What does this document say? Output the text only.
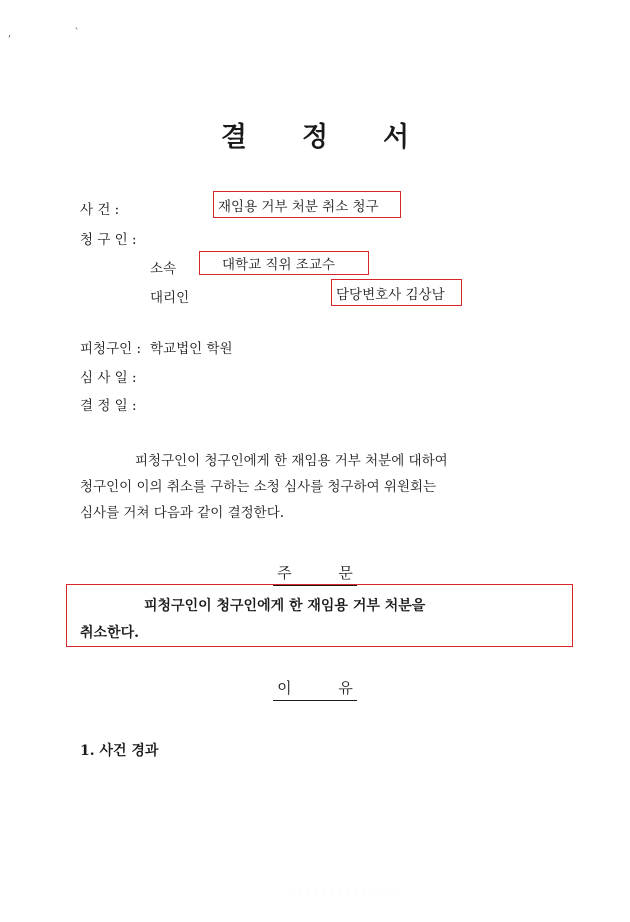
, `
결정서
사 건 :	재임용 거부 처분 취소 청구
청 구 인 :
소속	대학교 직위 조교수
대리인	담당변호사 김상남
피청구인 : 학교법인 학원
심 사 일 :
결 정 일 :
피청구인이 청구인에게 한 재임용 거부 처분에 대하여
청구인이 이의 취소를 구하는 소청 심사를 청구하여 위원회는
심사를 거쳐 다음과 같이 결정한다.
주 문
피청구인이 청구인에게 한 재임용 거부 처분을
취소한다.
이 유
1. 사건 경과
· · · · · · · · · · · · · ·
